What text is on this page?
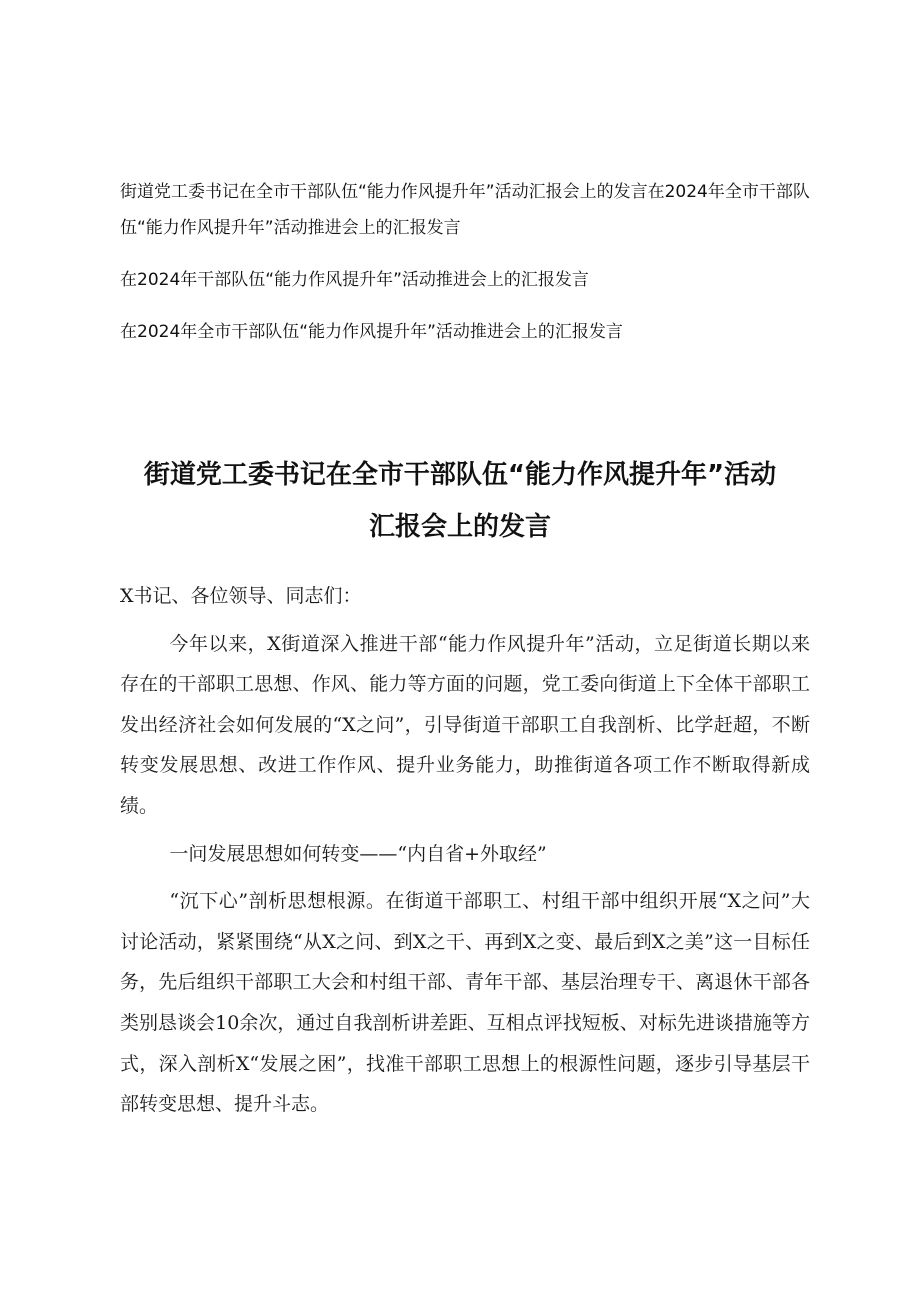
街道党工委书记在全市干部队伍“能力作风提升年”活动汇报会上的发言在2024年全市干部队伍“能力作风提升年”活动推进会上的汇报发言

在2024年干部队伍“能力作风提升年”活动推进会上的汇报发言

在2024年全市干部队伍“能力作风提升年”活动推进会上的汇报发言

街道党工委书记在全市干部队伍“能力作风提升年”活动汇报会上的发言

X书记、各位领导、同志们：

今年以来，X街道深入推进干部“能力作风提升年”活动，立足街道长期以来存在的干部职工思想、作风、能力等方面的问题，党工委向街道上下全体干部职工发出经济社会如何发展的“X之问”，引导街道干部职工自我剖析、比学赶超，不断转变发展思想、改进工作作风、提升业务能力，助推街道各项工作不断取得新成绩。

一问发展思想如何转变——“内自省+外取经”

“沉下心”剖析思想根源。在街道干部职工、村组干部中组织开展“X之问”大讨论活动，紧紧围绕“从X之问、到X之干、再到X之变、最后到X之美”这一目标任务，先后组织干部职工大会和村组干部、青年干部、基层治理专干、离退休干部各类别恳谈会10余次，通过自我剖析讲差距、互相点评找短板、对标先进谈措施等方式，深入剖析X“发展之困”，找准干部职工思想上的根源性问题，逐步引导基层干部转变思想、提升斗志。
